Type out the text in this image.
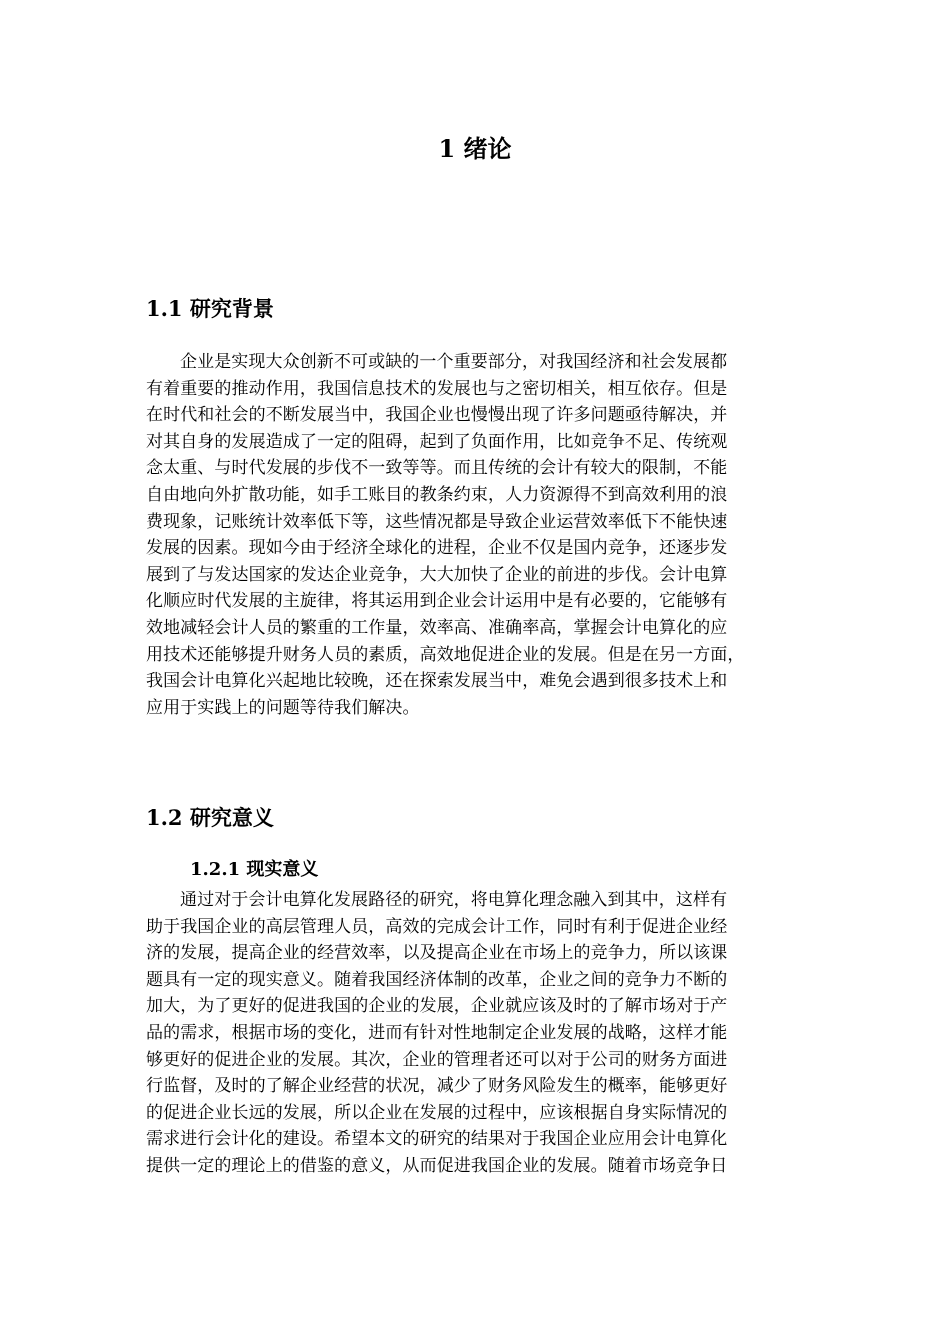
1 绪论
1.1 研究背景
企业是实现大众创新不可或缺的一个重要部分，对我国经济和社会发展都
有着重要的推动作用，我国信息技术的发展也与之密切相关，相互依存。但是
在时代和社会的不断发展当中，我国企业也慢慢出现了许多问题亟待解决，并
对其自身的发展造成了一定的阻碍，起到了负面作用，比如竞争不足、传统观
念太重、与时代发展的步伐不一致等等。而且传统的会计有较大的限制，不能
自由地向外扩散功能，如手工账目的教条约束，人力资源得不到高效利用的浪
费现象，记账统计效率低下等，这些情况都是导致企业运营效率低下不能快速
发展的因素。现如今由于经济全球化的进程，企业不仅是国内竞争，还逐步发
展到了与发达国家的发达企业竞争，大大加快了企业的前进的步伐。会计电算
化顺应时代发展的主旋律，将其运用到企业会计运用中是有必要的，它能够有
效地减轻会计人员的繁重的工作量，效率高、准确率高，掌握会计电算化的应
用技术还能够提升财务人员的素质，高效地促进企业的发展。但是在另一方面，
我国会计电算化兴起地比较晚，还在探索发展当中，难免会遇到很多技术上和
应用于实践上的问题等待我们解决。
1.2 研究意义
1.2.1 现实意义
通过对于会计电算化发展路径的研究，将电算化理念融入到其中，这样有
助于我国企业的高层管理人员，高效的完成会计工作，同时有利于促进企业经
济的发展，提高企业的经营效率，以及提高企业在市场上的竞争力，所以该课
题具有一定的现实意义。随着我国经济体制的改革，企业之间的竞争力不断的
加大，为了更好的促进我国的企业的发展，企业就应该及时的了解市场对于产
品的需求，根据市场的变化，进而有针对性地制定企业发展的战略，这样才能
够更好的促进企业的发展。其次，企业的管理者还可以对于公司的财务方面进
行监督，及时的了解企业经营的状况，减少了财务风险发生的概率，能够更好
的促进企业长远的发展，所以企业在发展的过程中，应该根据自身实际情况的
需求进行会计化的建设。希望本文的研究的结果对于我国企业应用会计电算化
提供一定的理论上的借鉴的意义，从而促进我国企业的发展。随着市场竞争日
